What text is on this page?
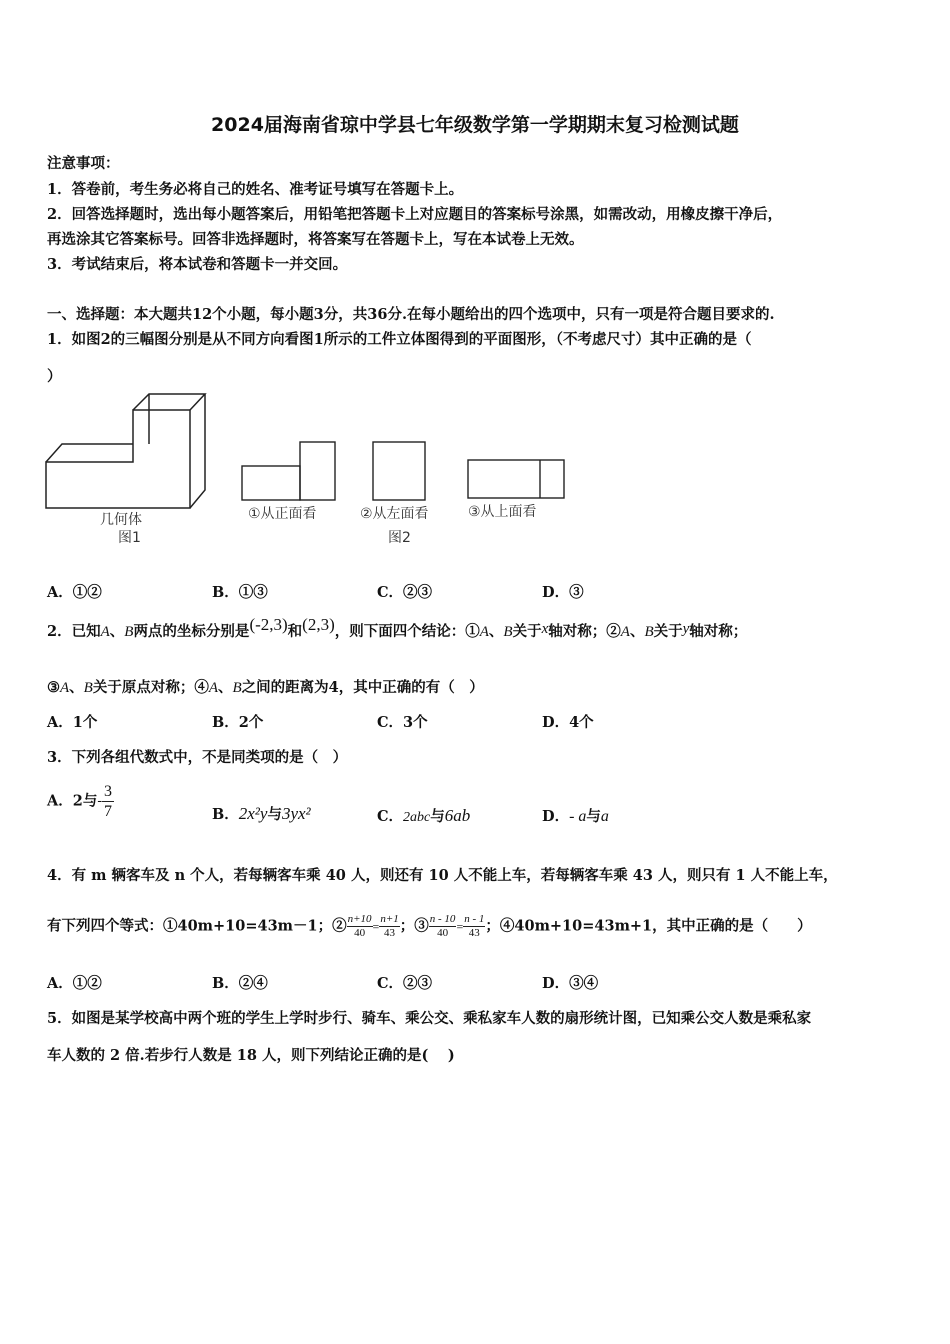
2024届海南省琼中学县七年级数学第一学期期末复习检测试题
注意事项：
1．答卷前，考生务必将自己的姓名、准考证号填写在答题卡上。
2．回答选择题时，选出每小题答案后，用铅笔把答题卡上对应题目的答案标号涂黑，如需改动，用橡皮擦干净后，
再选涂其它答案标号。回答非选择题时，将答案写在答题卡上，写在本试卷上无效。
3．考试结束后，将本试卷和答题卡一并交回。
一、选择题：本大题共12个小题，每小题3分，共36分.在每小题给出的四个选项中，只有一项是符合题目要求的.
1．如图2的三幅图分别是从不同方向看图1所示的工件立体图得到的平面图形，（不考虑尺寸）其中正确的是（
）
几何体
图1
①从正面看	②从左面看	③从上面看
图2
A．①②	B．①③	C．②③	D．③
2．已知A、B两点的坐标分别是(-2,3)和(2,3)，则下面四个结论：①A、B关于x轴对称；②A、B关于y轴对称；
③A、B关于原点对称；④A、B之间的距离为4，其中正确的有（　）
A．1个	B．2个	C．3个	D．4个
3．下列各组代数式中，不是同类项的是（　）
A．2与- $\frac{3}{7}$	B．2x²y与3yx²	C．2abc与6ab	D．- a与a
4．有 m 辆客车及 n 个人，若每辆客车乘 40 人，则还有 10 人不能上车，若每辆客车乘 43 人，则只有 1 人不能上车，
有下列四个等式：①40m+10=43m－1；② $\frac{n+10}{40} = \frac{n+1}{43}$ ；③ $\frac{n - 10}{40} = \frac{n - 1}{43}$ ；④40m+10=43m+1，其中正确的是（　　）
A．①②	B．②④	C．②③	D．③④
5．如图是某学校高中两个班的学生上学时步行、骑车、乘公交、乘私家车人数的扇形统计图，已知乘公交人数是乘私家
车人数的 2 倍.若步行人数是 18 人，则下列结论正确的是(　 )
